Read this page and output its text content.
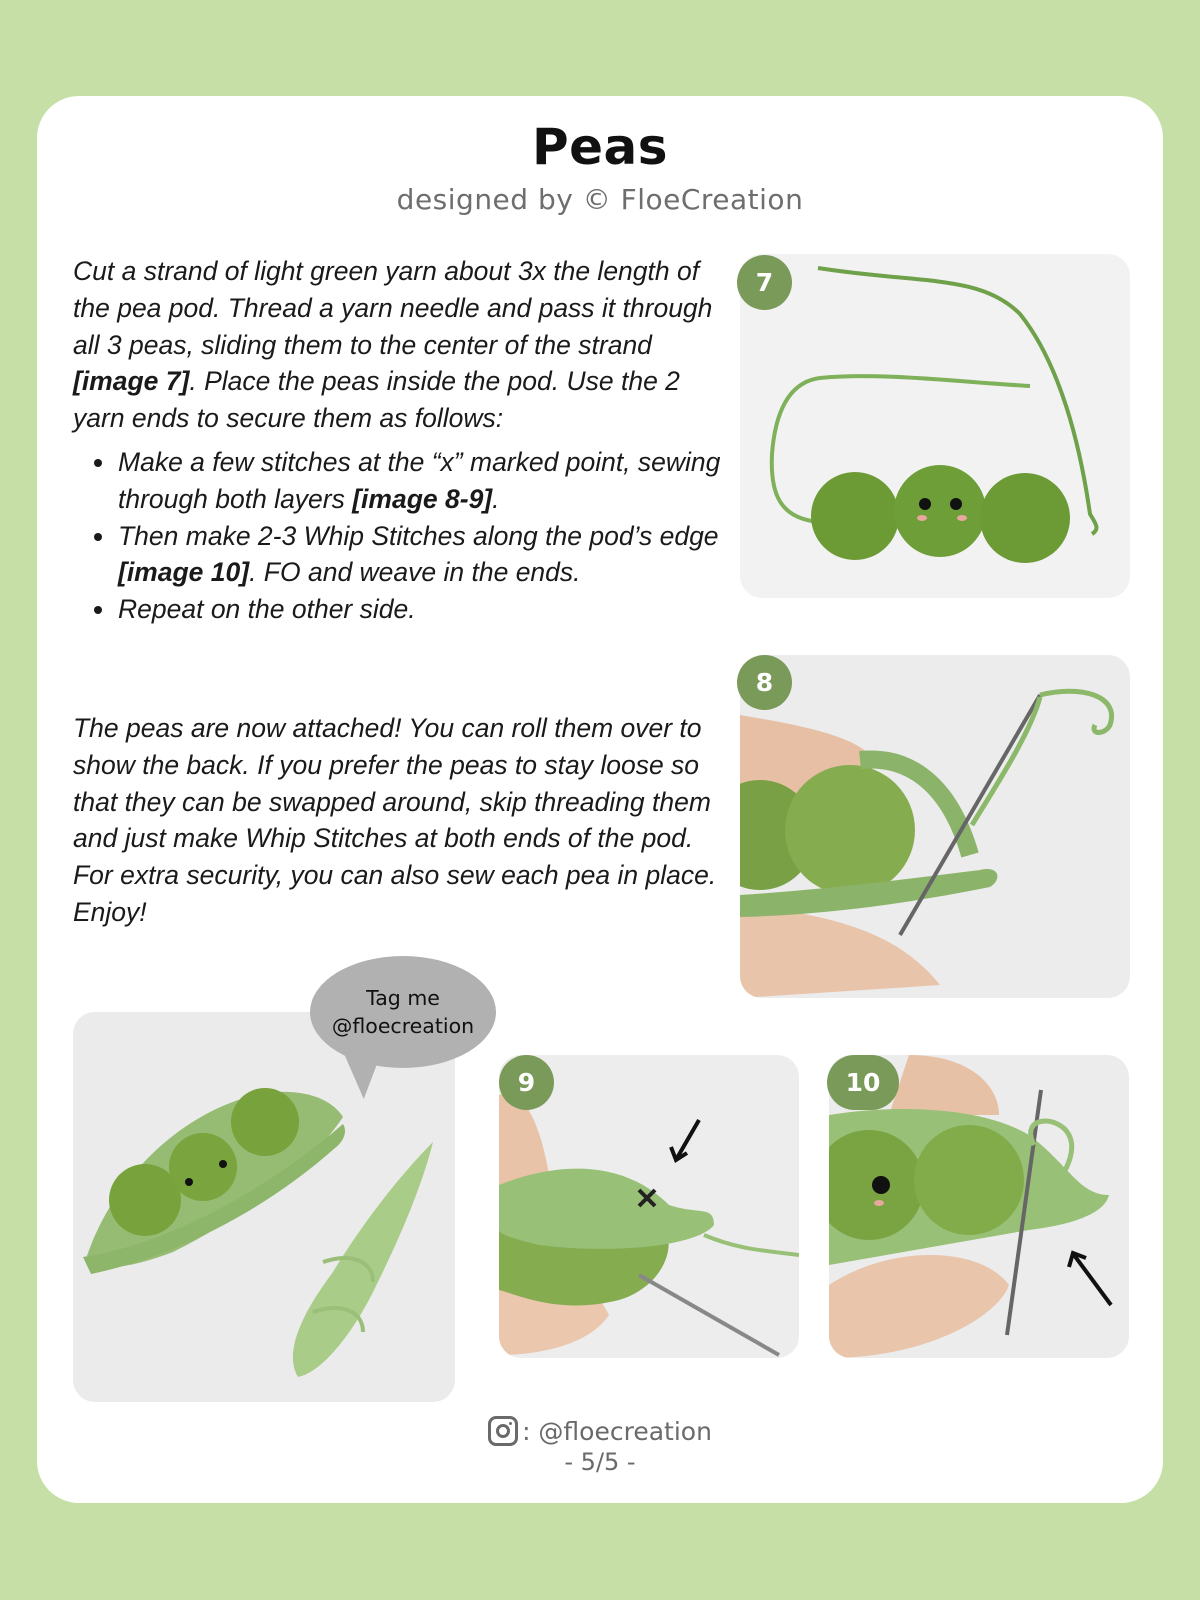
Peas
designed by © FloeCreation

Cut a strand of light green yarn about 3x the length of the pea pod. Thread a yarn needle and pass it through all 3 peas, sliding them to the center of the strand [image 7]. Place the peas inside the pod. Use the 2 yarn ends to secure them as follows:

Make a few stitches at the “x” marked point, sewing through both layers [image 8-9].
Then make 2-3 Whip Stitches along the pod’s edge [image 10]. FO and weave in the ends.
Repeat on the other side.
The peas are now attached! You can roll them over to show the back. If you prefer the peas to stay loose so that they can be swapped around, skip threading them and just make Whip Stitches at both ends of the pod. For extra security, you can also sew each pea in place. Enjoy!
7
8
Tag me
@floecreation
9	10
: @floecreation
- 5/5 -
